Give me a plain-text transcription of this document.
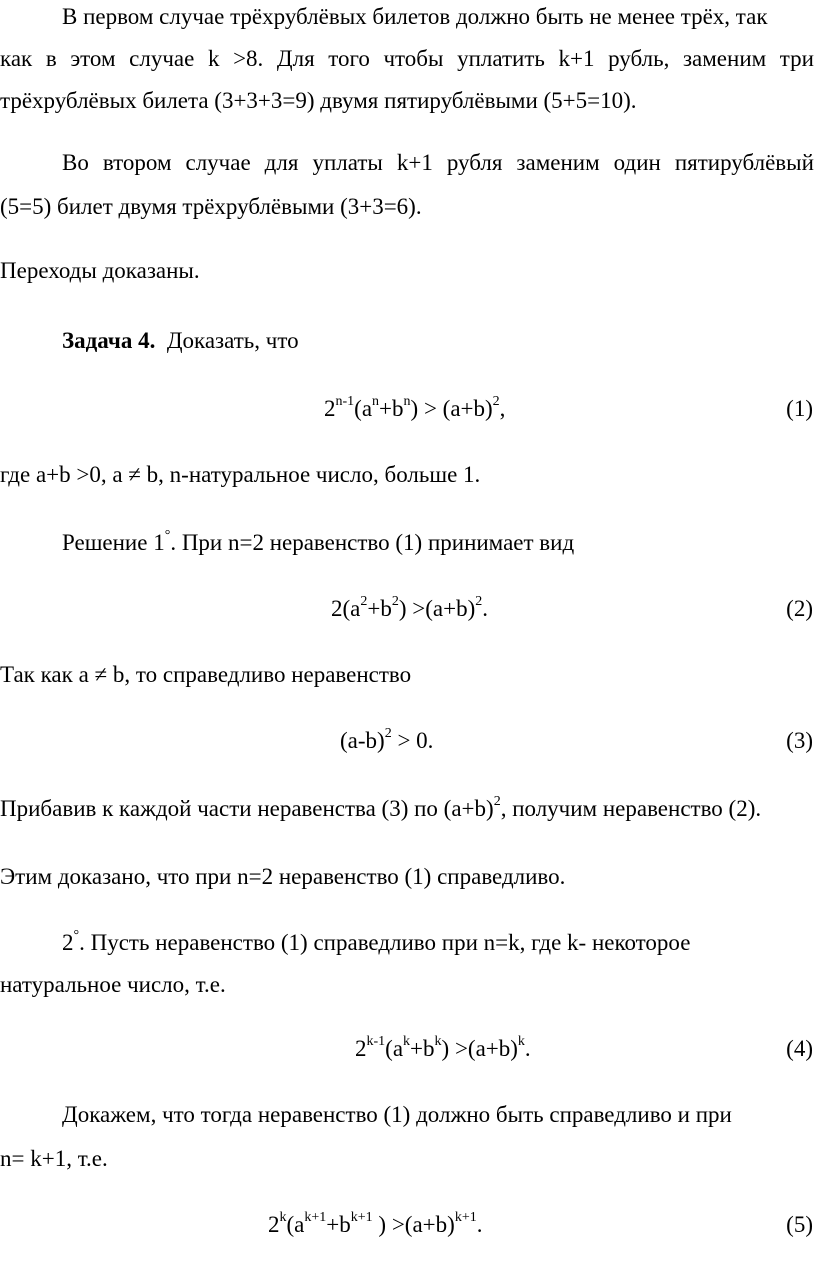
В первом случае трёхрублёвых билетов должно быть не менее трёх, так
как в этом случае k >8. Для того чтобы уплатить k+1 рубль, заменим три
трёхрублёвых билета (3+3+3=9) двумя пятирублёвыми (5+5=10).
Во втором случае для уплаты k+1 рубля заменим один пятирублёвый
(5=5) билет двумя трёхрублёвыми (3+3=6).
Переходы доказаны.
Задача 4. Доказать, что
$2^{n-1}(a^n+b^n) > (a+b)^2$,	(1)
где a+b >0, a ≠ b, n-натуральное число, больше 1.
Решение 1°. При n=2 неравенство (1) принимает вид
$2(a^2+b^2) >(a+b)^2$.	(2)
Так как a ≠ b, то справедливо неравенство
$(a-b)^2 > 0$.	(3)
Прибавив к каждой части неравенства (3) по $(a+b)^2$, получим неравенство (2).
Этим доказано, что при n=2 неравенство (1) справедливо.
2°. Пусть неравенство (1) справедливо при n=k, где k- некоторое
натуральное число, т.е.
$2^{k-1}(a^k+b^k) >(a+b)^k$.	(4)
Докажем, что тогда неравенство (1) должно быть справедливо и при
n= k+1, т.е.
$2^k(a^{k+1}+b^{k+1}$ ) $>(a+b)^{k+1}$.	(5)
